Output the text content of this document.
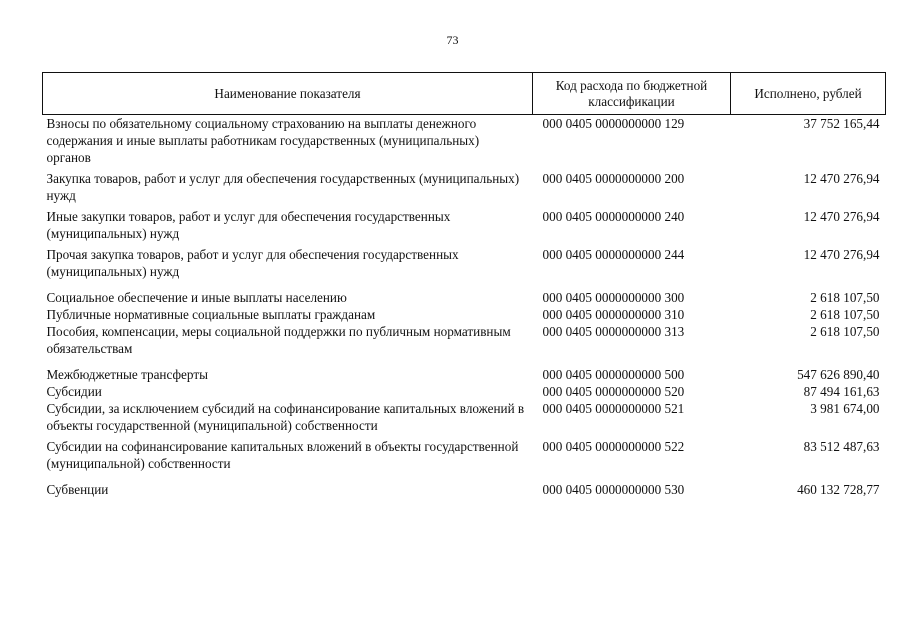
73
Наименование показателя	Код расхода по бюджетной классификации	Исполнено, рублей
Взносы по обязательному социальному страхованию на выплаты денежного содержания и иные выплаты работникам государственных (муниципальных) органов	000 0405 0000000000 129	37 752 165,44
Закупка товаров, работ и услуг для обеспечения государственных (муниципальных) нужд	000 0405 0000000000 200	12 470 276,94
Иные закупки товаров, работ и услуг для обеспечения государственных (муниципальных) нужд	000 0405 0000000000 240	12 470 276,94
Прочая закупка товаров, работ и услуг для обеспечения государственных (муниципальных) нужд	000 0405 0000000000 244	12 470 276,94
Социальное обеспечение и иные выплаты населению	000 0405 0000000000 300	2 618 107,50
Публичные нормативные социальные выплаты гражданам	000 0405 0000000000 310	2 618 107,50
Пособия, компенсации, меры социальной поддержки по публичным нормативным обязательствам	000 0405 0000000000 313	2 618 107,50
Межбюджетные трансферты	000 0405 0000000000 500	547 626 890,40
Субсидии	000 0405 0000000000 520	87 494 161,63
Субсидии, за исключением субсидий на софинансирование капитальных вложений в объекты государственной (муниципальной) собственности	000 0405 0000000000 521	3 981 674,00
Субсидии на софинансирование капитальных вложений в объекты государственной (муниципальной) собственности	000 0405 0000000000 522	83 512 487,63
Субвенции	000 0405 0000000000 530	460 132 728,77
